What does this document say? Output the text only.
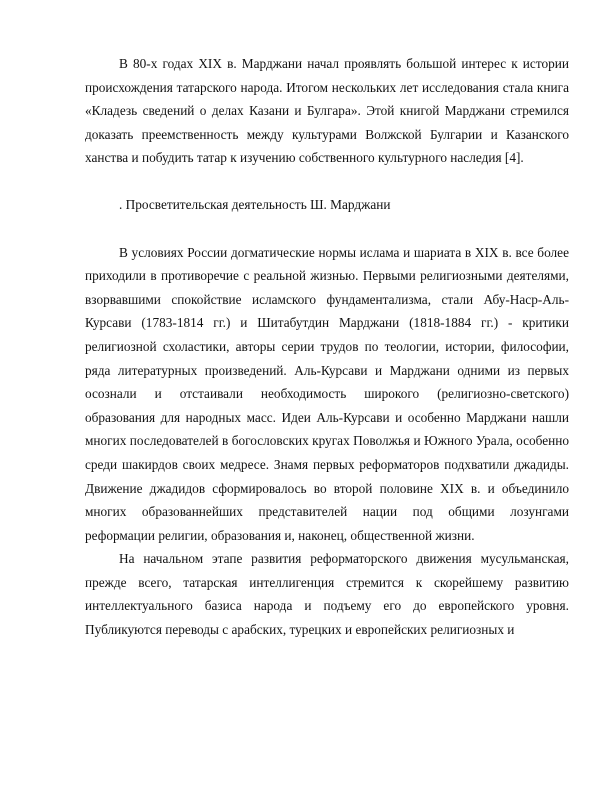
В 80-х годах XIX в. Марджани начал проявлять большой интерес к истории происхождения татарского народа. Итогом нескольких лет исследования стала книга «Кладезь сведений о делах Казани и Булгара». Этой книгой Марджани стремился доказать преемственность между культурами Волжской Булгарии и Казанского ханства и побудить татар к изучению собственного культурного наследия [4].

. Просветительская деятельность Ш. Марджани

В условиях России догматические нормы ислама и шариата в XIX в. все более приходили в противоречие с реальной жизнью. Первыми религиозными деятелями, взорвавшими спокойствие исламского фундаментализма, стали Абу-Наср-Аль-Курсави (1783-1814 гг.) и Шитабутдин Марджани (1818-1884 гг.) - критики религиозной схоластики, авторы серии трудов по теологии, истории, философии, ряда литературных произведений. Аль-Курсави и Марджани одними из первых осознали и отстаивали необходимость широкого (религиозно-светского) образования для народных масс. Идеи Аль-Курсави и особенно Марджани нашли многих последователей в богословских кругах Поволжья и Южного Урала, особенно среди шакирдов своих медресе. Знамя первых реформаторов подхватили джадиды. Движение джадидов сформировалось во второй половине XIX в. и объединило многих образованнейших представителей нации под общими лозунгами реформации религии, образования и, наконец, общественной жизни.

На начальном этапе развития реформаторского движения мусульманская, прежде всего, татарская интеллигенция стремится к скорейшему развитию интеллектуального базиса народа и подъему его до европейского уровня. Публикуются переводы с арабских, турецких и европейских религиозных и
